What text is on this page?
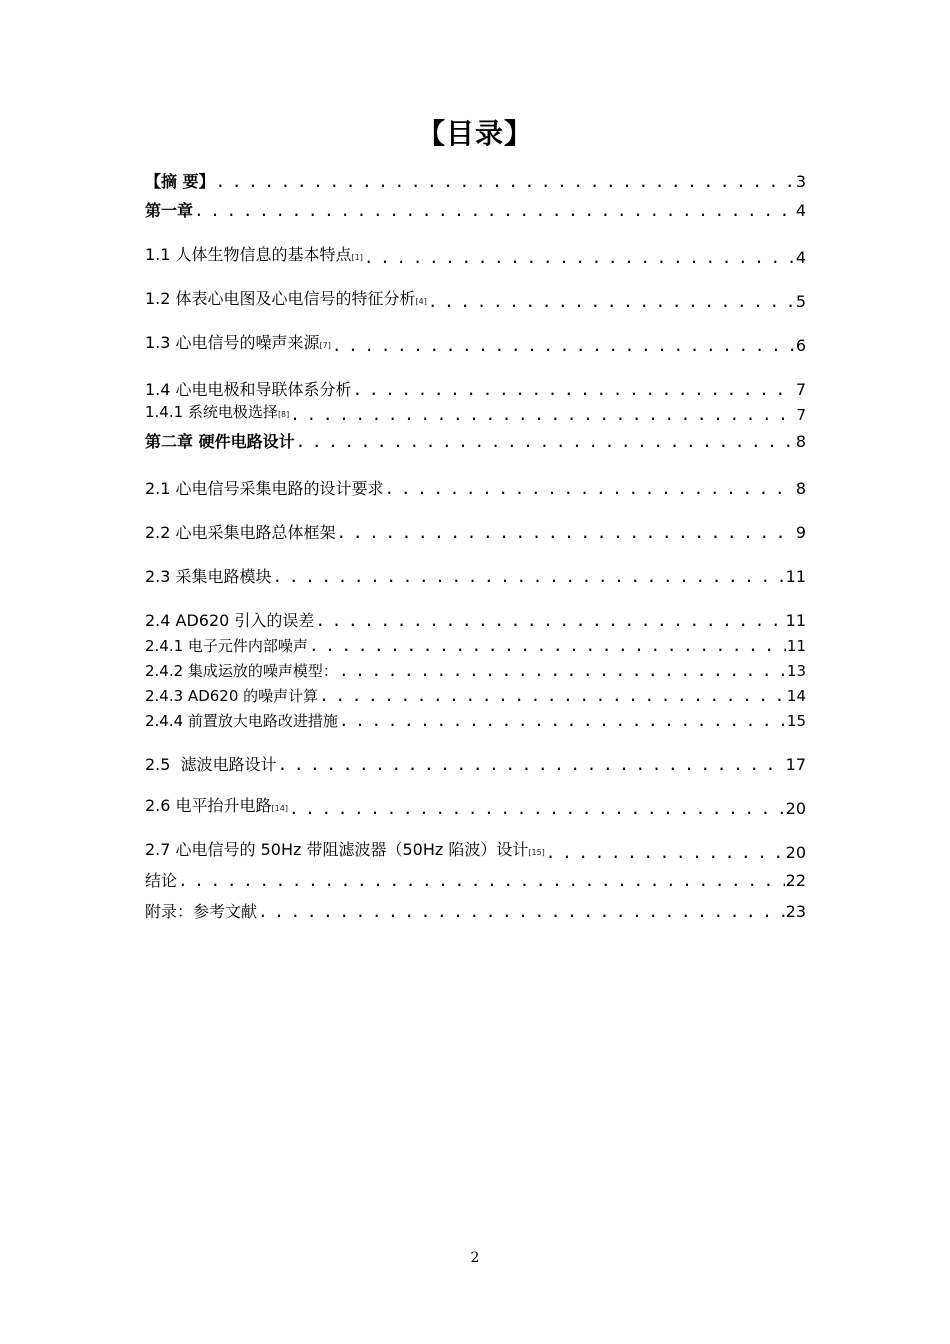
【目录】
【摘 要】 . . .	3
第一章 . . .	4
1.1 人体生物信息的基本特点[1] . . .	4
1.2 体表心电图及心电信号的特征分析[4] . . .	5
1.3 心电信号的噪声来源[7] . . .	6
1.4 心电电极和导联体系分析 . . .	7
1.4.1 系统电极选择[8] . . .	7
第二章 硬件电路设计 . . .	8
2.1 心电信号采集电路的设计要求 . . .	8
2.2 心电采集电路总体框架 . . .	9
2.3 采集电路模块 . . .	11
2.4 AD620 引入的误差 . . .	11
2.4.1 电子元件内部噪声 . . .	11
2.4.2 集成运放的噪声模型： . . .	13
2.4.3 AD620 的噪声计算 . . .	14
2.4.4 前置放大电路改进措施 . . .	15
2.5  滤波电路设计 . . .	17
2.6 电平抬升电路[14] . . .	20
2.7 心电信号的 50Hz 带阻滤波器（50Hz 陷波）设计[15] . . .	20
结论 . . .	22
附录：参考文献 . . .	23
2
